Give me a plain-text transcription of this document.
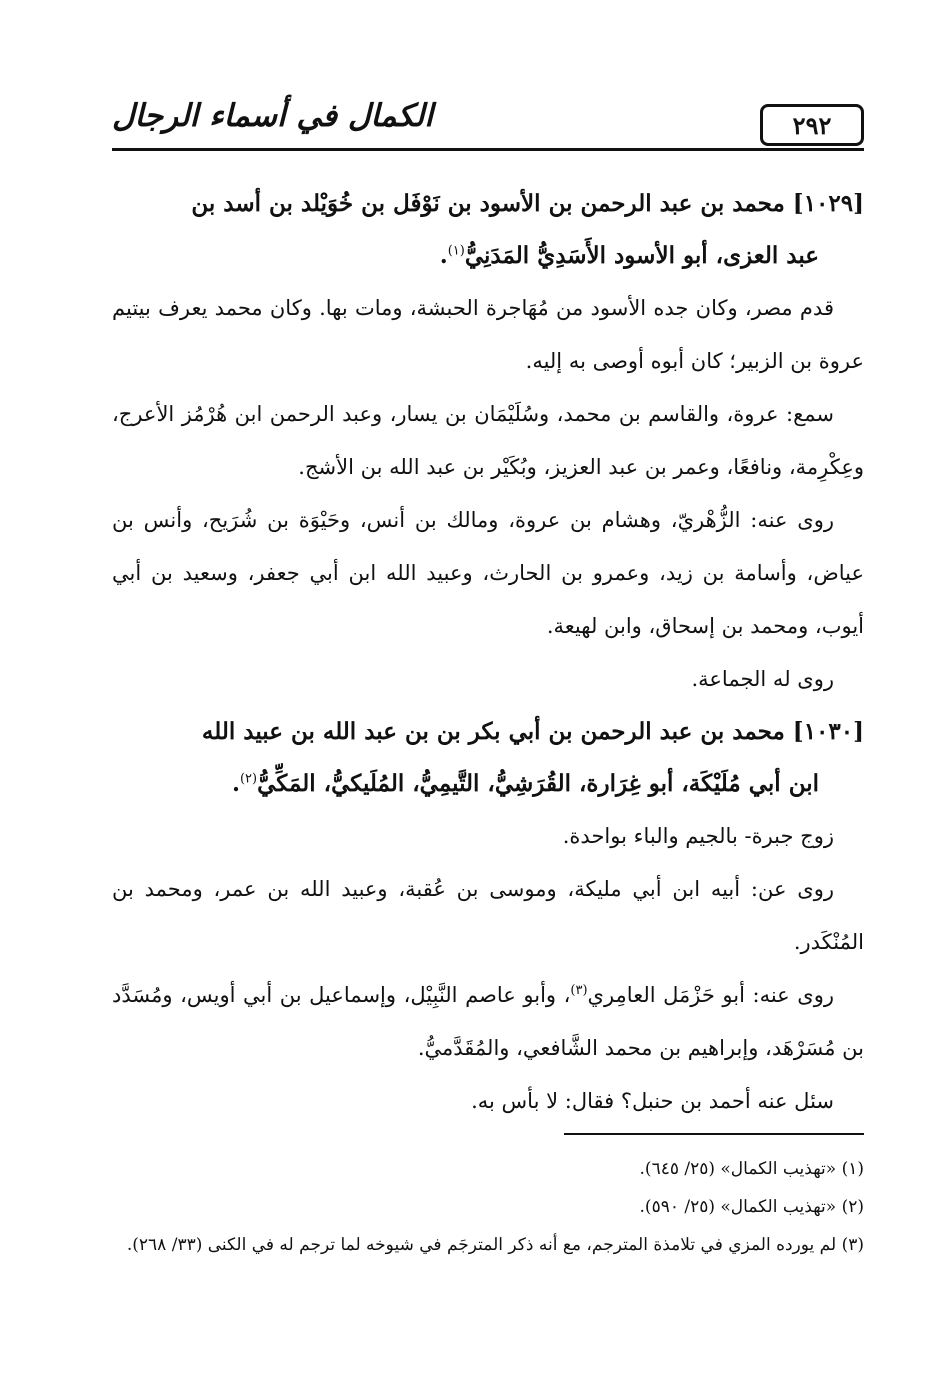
٢٩٢
الكمال في أسماء الرجال

[١٠٢٩] محمد بن عبد الرحمن بن الأسود بن نَوْفَل بن خُوَيْلد بن أسد بن
عبد العزى، أبو الأسود الأَسَدِيُّ المَدَنِيُّ$^{(١)}$.

قدم مصر، وكان جده الأسود من مُهَاجرة الحبشة، ومات بها. وكان محمد يعرف بيتيم عروة بن الزبير؛ كان أبوه أوصى به إليه.

سمع: عروة، والقاسم بن محمد، وسُلَيْمَان بن يسار، وعبد الرحمن ابن هُرْمُز الأعرج، وعِكْرِمة، ونافعًا، وعمر بن عبد العزيز، وبُكَيْر بن عبد الله بن الأشج.

روى عنه: الزُّهْريّ، وهشام بن عروة، ومالك بن أنس، وحَيْوَة بن شُرَيح، وأنس بن عياض، وأسامة بن زيد، وعمرو بن الحارث، وعبيد الله ابن أبي جعفر، وسعيد بن أبي أيوب، ومحمد بن إسحاق، وابن لهيعة.

روى له الجماعة.

[١٠٣٠] محمد بن عبد الرحمن بن أبي بكر بن بن عبد الله بن عبيد الله
ابن أبي مُلَيْكَة، أبو غِرَارة، القُرَشِيُّ، التَّيمِيُّ، المُلَيكيُّ، المَكِّيُّ$^{(٢)}$.

زوج جبرة- بالجيم والباء بواحدة.

روى عن: أبيه ابن أبي مليكة، وموسى بن عُقبة، وعبيد الله بن عمر، ومحمد بن المُنْكَدر.

روى عنه: أبو حَزْمَل العامِري$^{(٣)}$، وأبو عاصم النَّبِيْل، وإسماعيل بن أبي أويس، ومُسَدَّد بن مُسَرْهَد، وإبراهيم بن محمد الشَّافعي، والمُقَدَّميُّ.

سئل عنه أحمد بن حنبل؟ فقال: لا بأس به.

(١) «تهذيب الكمال» (٢٥/ ٦٤٥).

(٢) «تهذيب الكمال» (٢٥/ ٥٩٠).

(٣) لم يورده المزي في تلامذة المترجم، مع أنه ذكر المترجَم في شيوخه لما ترجم له في الكنى (٣٣/ ٢٦٨).
